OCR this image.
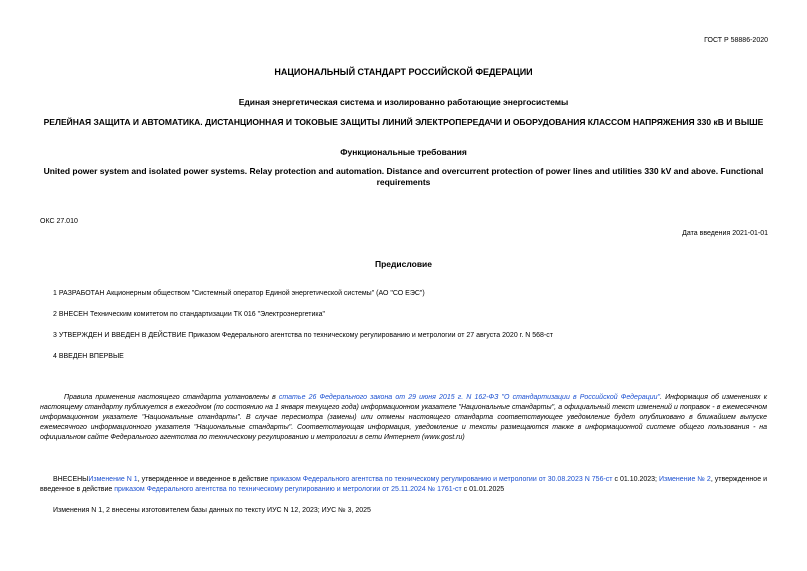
ГОСТ Р 58886-2020
НАЦИОНАЛЬНЫЙ СТАНДАРТ РОССИЙСКОЙ ФЕДЕРАЦИИ
Единая энергетическая система и изолированно работающие энергосистемы
РЕЛЕЙНАЯ ЗАЩИТА И АВТОМАТИКА. ДИСТАНЦИОННАЯ И ТОКОВЫЕ ЗАЩИТЫ ЛИНИЙ ЭЛЕКТРОПЕРЕДАЧИ И ОБОРУДОВАНИЯ КЛАССОМ НАПРЯЖЕНИЯ 330 кВ И ВЫШЕ
Функциональные требования
United power system and isolated power systems. Relay protection and automation. Distance and overcurrent protection of power lines and utilities 330 kV and above. Functional requirements
ОКС 27.010
Дата введения 2021-01-01
Предисловие
1 РАЗРАБОТАН Акционерным обществом "Системный оператор Единой энергетической системы" (АО "СО ЕЭС")
2 ВНЕСЕН Техническим комитетом по стандартизации ТК 016 "Электроэнергетика"
3 УТВЕРЖДЕН И ВВЕДЕН В ДЕЙСТВИЕ Приказом Федерального агентства по техническому регулированию и метрологии от 27 августа 2020 г. N 568-ст
4 ВВЕДЕН ВПЕРВЫЕ
Правила применения настоящего стандарта установлены в статье 26 Федерального закона от 29 июня 2015 г. N 162-ФЗ "О стандартизации в Российской Федерации". Информация об изменениях к настоящему стандарту публикуется в ежегодном (по состоянию на 1 января текущего года) информационном указателе "Национальные стандарты", а официальный текст изменений и поправок - в ежемесячном информационном указателе "Национальные стандарты". В случае пересмотра (замены) или отмены настоящего стандарта соответствующее уведомление будет опубликовано в ближайшем выпуске ежемесячного информационного указателя "Национальные стандарты". Соответствующая информация, уведомление и тексты размещаются также в информационной системе общего пользования - на официальном сайте Федерального агентства по техническому регулированию и метрологии в сети Интернет (www.gost.ru)
ВНЕСЕНЫИзменение N 1, утвержденное и введенное в действие приказом Федерального агентства по техническому регулированию и метрологии от 30.08.2023 N 756-ст с 01.10.2023; Изменение № 2, утвержденное и введенное в действие приказом Федерального агентства по техническому регулированию и метрологии от 25.11.2024 № 1761-ст с 01.01.2025
Изменения N 1, 2 внесены изготовителем базы данных по тексту ИУС N 12, 2023; ИУС № 3, 2025
